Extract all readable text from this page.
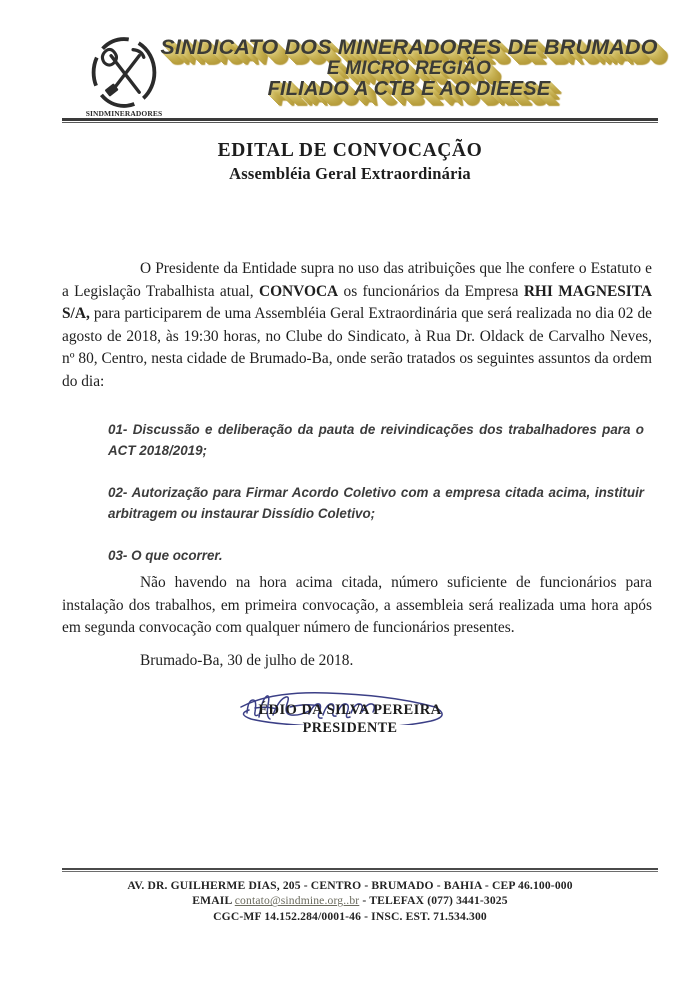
SINDMINERADORES
SINDICATO DOS MINERADORES DE BRUMADO
E MICRO REGIÃO
FILIADO A CTB E AO DIEESE
EDITAL DE CONVOCAÇÃO
Assembléia Geral Extraordinária

O Presidente da Entidade supra no uso das atribuições que lhe confere o Estatuto e a Legislação Trabalhista atual, CONVOCA os funcionários da Empresa RHI MAGNESITA S/A, para participarem de uma Assembléia Geral Extraordinária que será realizada no dia 02 de agosto de 2018, às 19:30 horas, no Clube do Sindicato, à Rua Dr. Oldack de Carvalho Neves, nº 80, Centro, nesta cidade de Brumado-Ba, onde serão tratados os seguintes assuntos da ordem do dia:

01- Discussão e deliberação da pauta de reivindicações dos trabalhadores para o ACT 2018/2019;

02- Autorização para Firmar Acordo Coletivo com a empresa citada acima, instituir arbitragem ou instaurar Dissídio Coletivo;

03- O que ocorrer.

Não havendo na hora acima citada, número suficiente de funcionários para instalação dos trabalhos, em primeira convocação, a assembleia será realizada uma hora após em segunda convocação com qualquer número de funcionários presentes.

Brumado-Ba, 30 de julho de 2018.
ÉDIO DA SILVA PEREIRA
PRESIDENTE
AV. DR. GUILHERME DIAS, 205 - CENTRO - BRUMADO - BAHIA - CEP 46.100-000
EMAIL contato@sindmine.org..br - TELEFAX (077) 3441-3025
CGC-MF 14.152.284/0001-46 - INSC. EST. 71.534.300
